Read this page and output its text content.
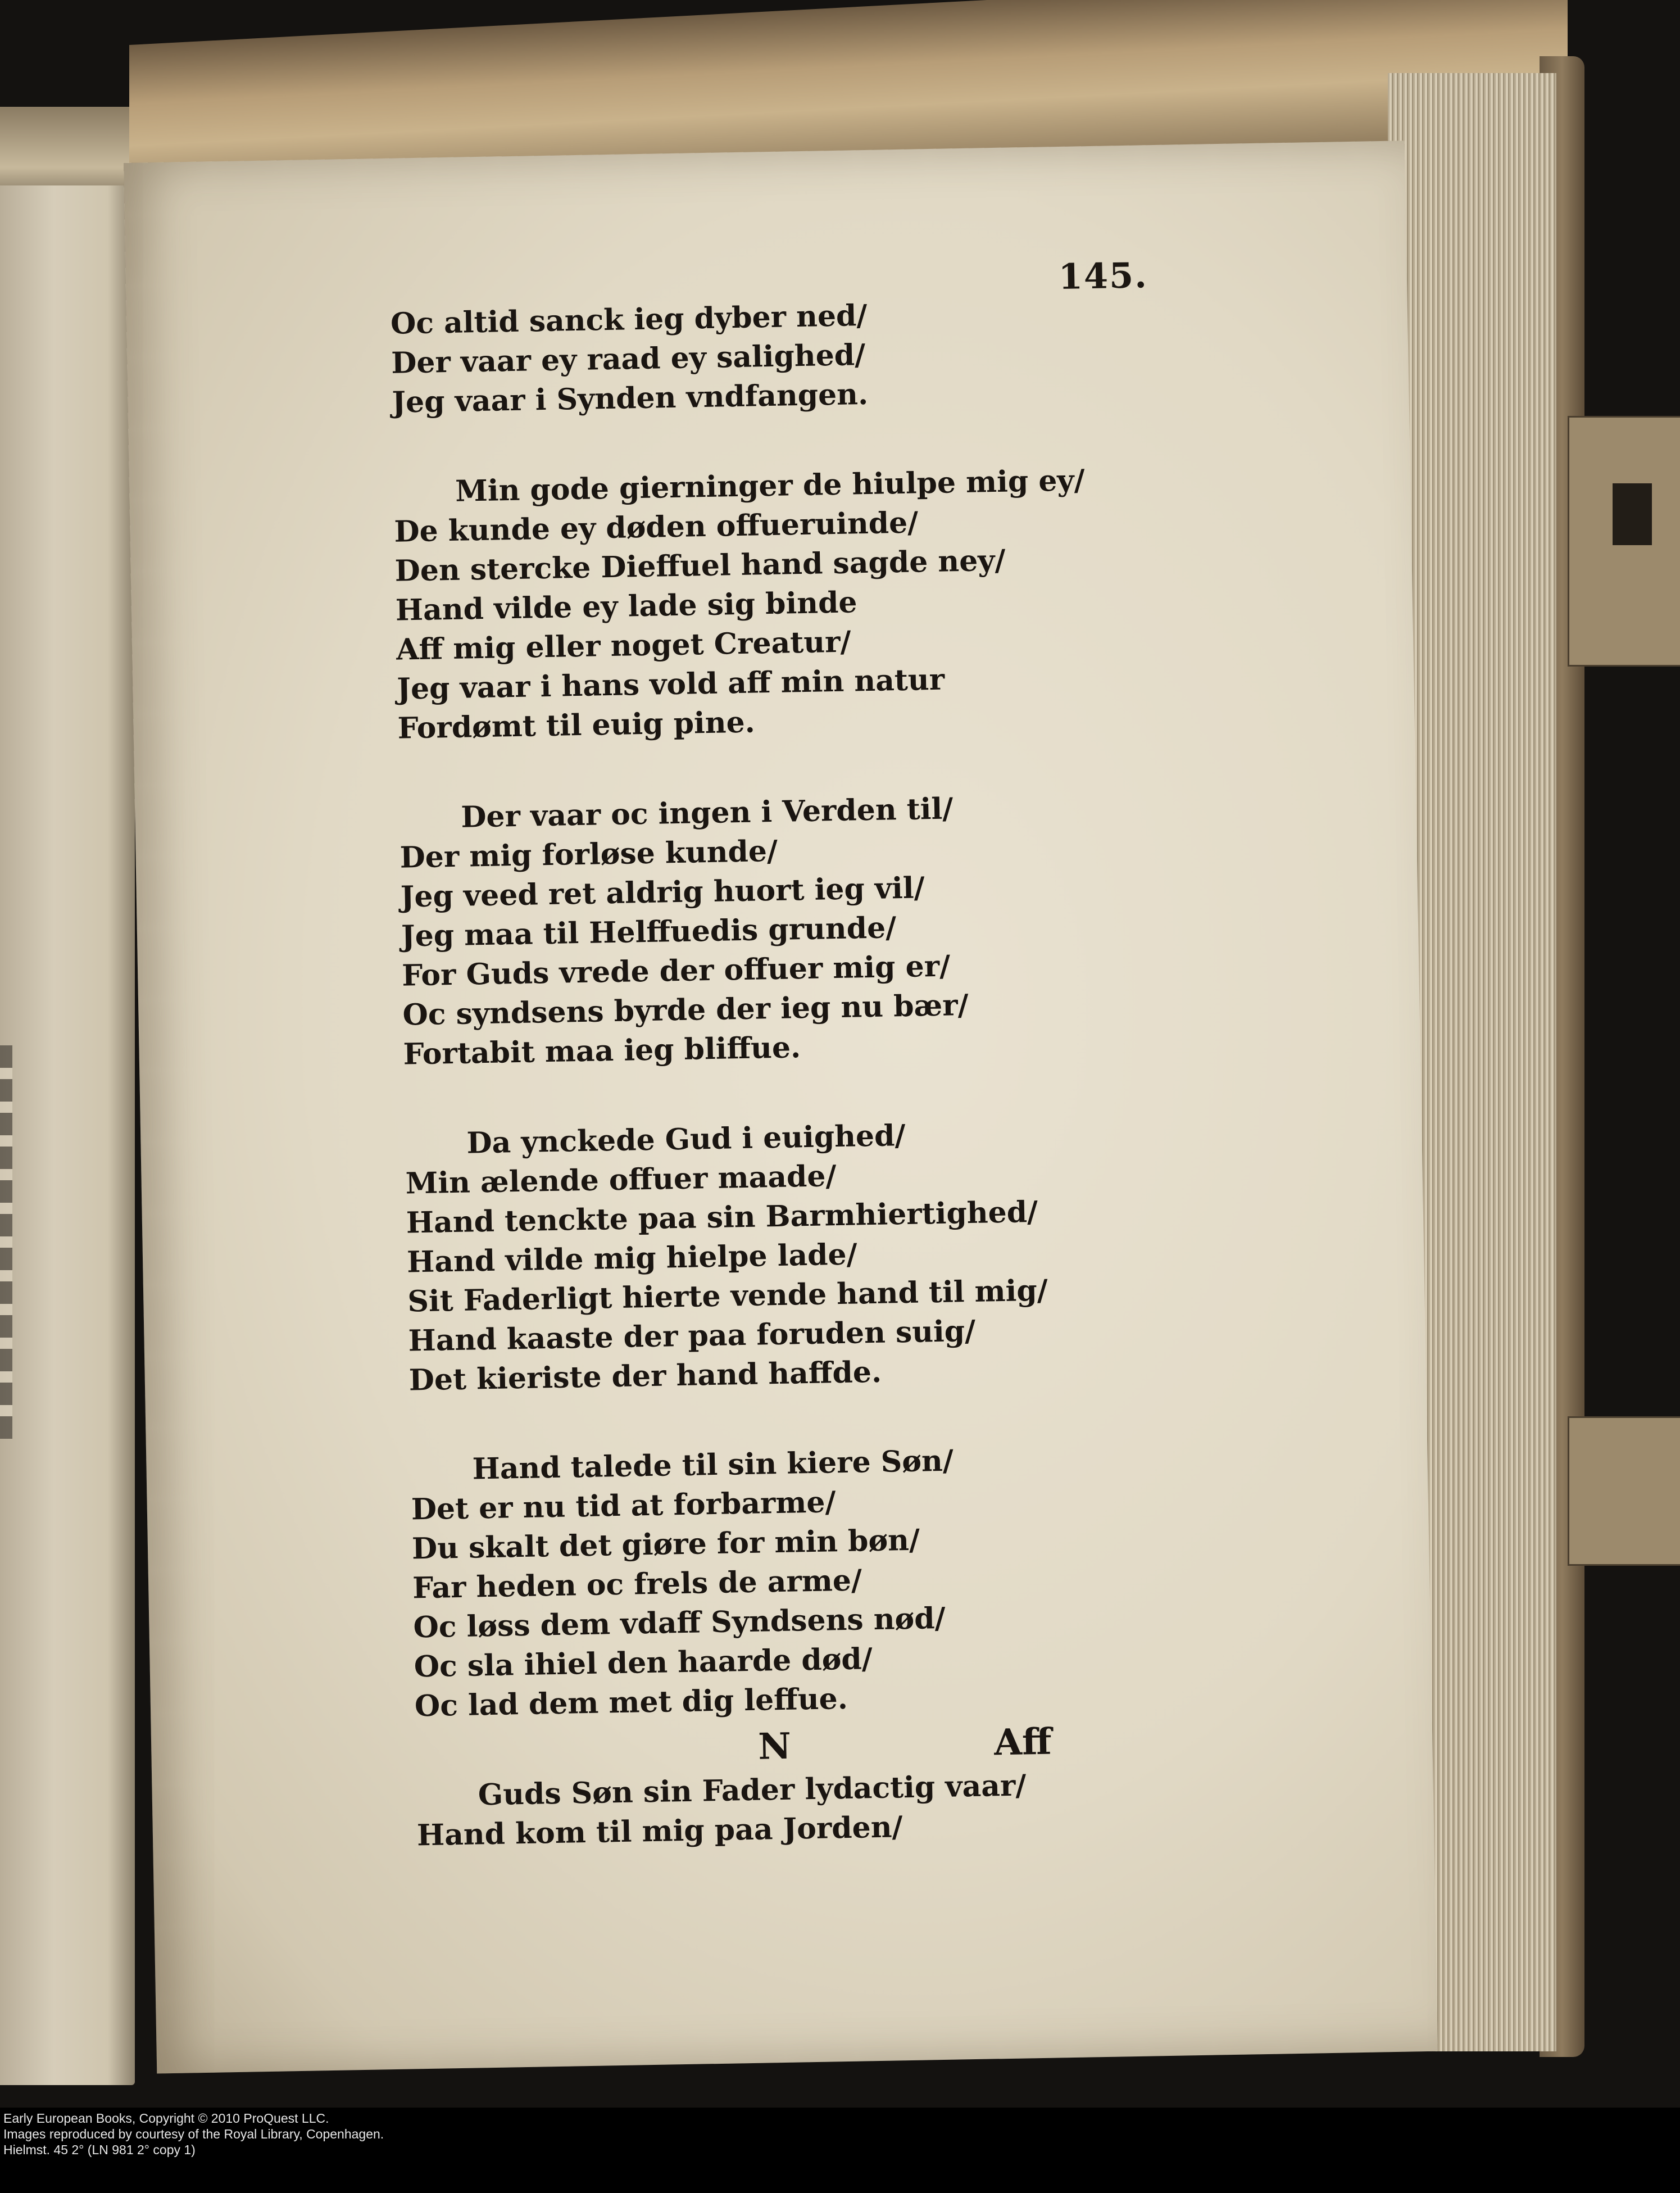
145.
Oc altid sanck ieg dyber ned/
Der vaar ey raad ey salighed/
Jeg vaar i Synden vndfangen.
Min gode gierninger de hiulpe mig ey/
De kunde ey døden offueruinde/
Den stercke Dieffuel hand sagde ney/
Hand vilde ey lade sig binde
Aff mig eller noget Creatur/
Jeg vaar i hans vold aff min natur
Fordømt til euig pine.
Der vaar oc ingen i Verden til/
Der mig forløse kunde/
Jeg veed ret aldrig huort ieg vil/
Jeg maa til Helffuedis grunde/
For Guds vrede der offuer mig er/
Oc syndsens byrde der ieg nu bær/
Fortabit maa ieg bliffue.
Da ynckede Gud i euighed/
Min ælende offuer maade/
Hand tenckte paa sin Barmhiertighed/
Hand vilde mig hielpe lade/
Sit Faderligt hierte vende hand til mig/
Hand kaaste der paa foruden suig/
Det kieriste der hand haffde.
Hand talede til sin kiere Søn/
Det er nu tid at forbarme/
Du skalt det giøre for min bøn/
Far heden oc frels de arme/
Oc løss dem vdaff Syndsens nød/
Oc sla ihiel den haarde død/
Oc lad dem met dig leffue.
Guds Søn sin Fader lydactig vaar/
Hand kom til mig paa Jorden/
N	Aff
Early European Books, Copyright © 2010 ProQuest LLC.
Images reproduced by courtesy of the Royal Library, Copenhagen.
Hielmst. 45 2° (LN 981 2° copy 1)
